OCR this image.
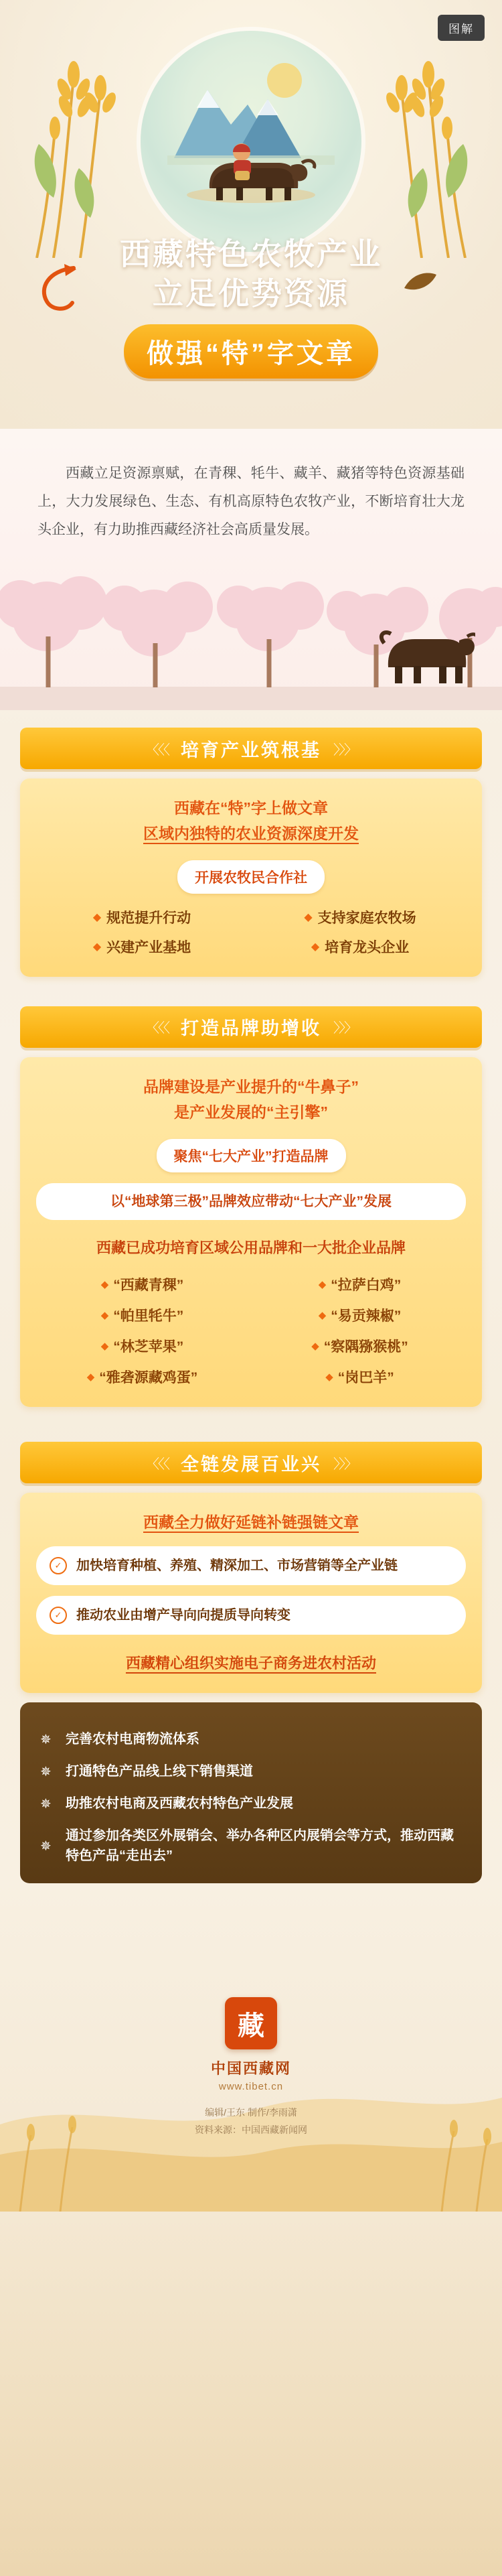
图解
西藏特色农牧产业
立足优势资源
做强“特”字文章
西藏立足资源禀赋，在青稞、牦牛、藏羊、藏猪等特色资源基础上，大力发展绿色、生态、有机高原特色农牧产业，不断培育壮大龙头企业，有力助推西藏经济社会高质量发展。
〈〈〈 培育产业筑根基 〉〉〉
西藏在“特”字上做文章
区域内独特的农业资源深度开发
开展农牧民合作社
◆ 规范提升行动	◆ 支持家庭农牧场
◆ 兴建产业基地	◆ 培育龙头企业
〈〈〈 打造品牌助增收 〉〉〉
品牌建设是产业提升的“牛鼻子”
是产业发展的“主引擎”
聚焦“七大产业”打造品牌
以“地球第三极”品牌效应带动“七大产业”发展
西藏已成功培育区域公用品牌和一大批企业品牌
◆ “西藏青稞”	◆ “拉萨白鸡”
◆ “帕里牦牛”	◆ “易贡辣椒”
◆ “林芝苹果”	◆ “察隅猕猴桃”
◆ “雅砻源藏鸡蛋”	◆ “岗巴羊”
〈〈〈 全链发展百业兴 〉〉〉
西藏全力做好延链补链强链文章
✓	加快培育种植、养殖、精深加工、市场营销等全产业链
✓	推动农业由增产导向向提质导向转变
西藏精心组织实施电子商务进农村活动
✵	完善农村电商物流体系
✵	打通特色产品线上线下销售渠道
✵	助推农村电商及西藏农村特色产业发展
✵
通过参加各类区外展销会、举办各种区内展销会等方式，推动西藏特色产品“走出去”
藏
中国西藏网
www.tibet.cn
编辑/王东 制作/李雨潇
资料来源：中国西藏新闻网
